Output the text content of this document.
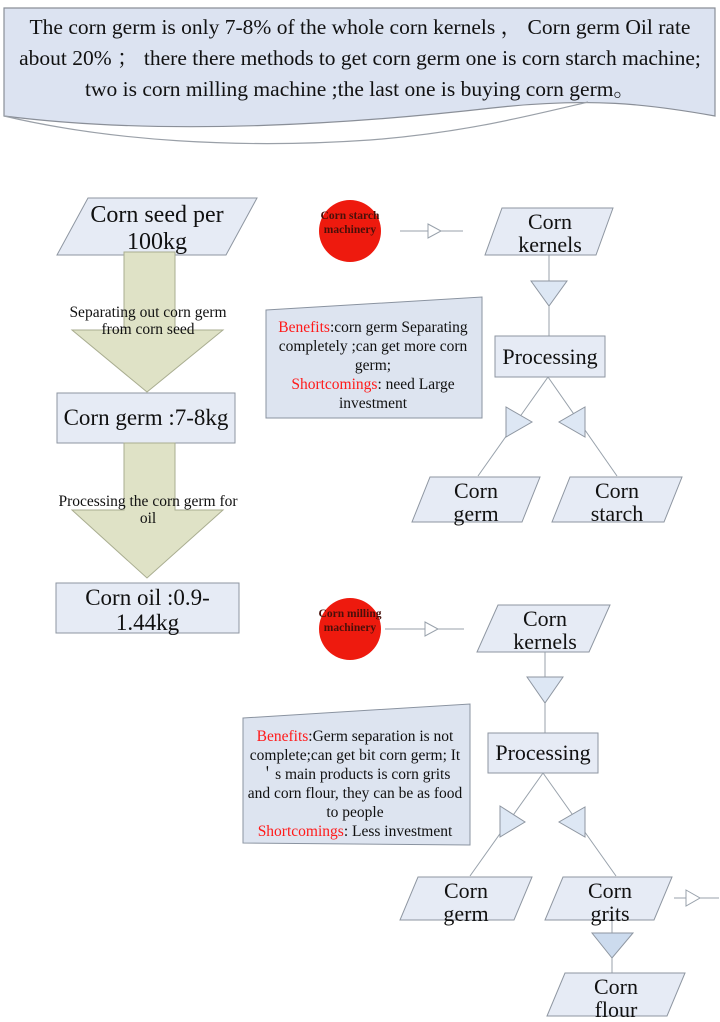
The corn germ is only 7-8% of the whole corn kernels ， Corn germ Oil rate about 20% ； there there methods to get corn germ one is corn starch machine; two is corn milling machine ;the last one is buying corn germ。
Corn seed per 100kg
Separating out corn germ from corn seed
Corn germ :7-8kg
Processing the corn germ for oil
Corn oil :0.9-1.44kg
Corn starch machinery	Corn kernels
Processing
Corn germ
Corn starch
Benefits:corn germ Separating completely ;can get more corn germ;
Shortcomings: need Large investment
Corn milling machinery	Corn kernels
Processing
Benefits:Germ separation is not complete;can get bit corn germ; It＇s main products is corn grits and corn flour, they can be as food to people
Shortcomings: Less investment
Corn germ
Corn grits
Corn flour
